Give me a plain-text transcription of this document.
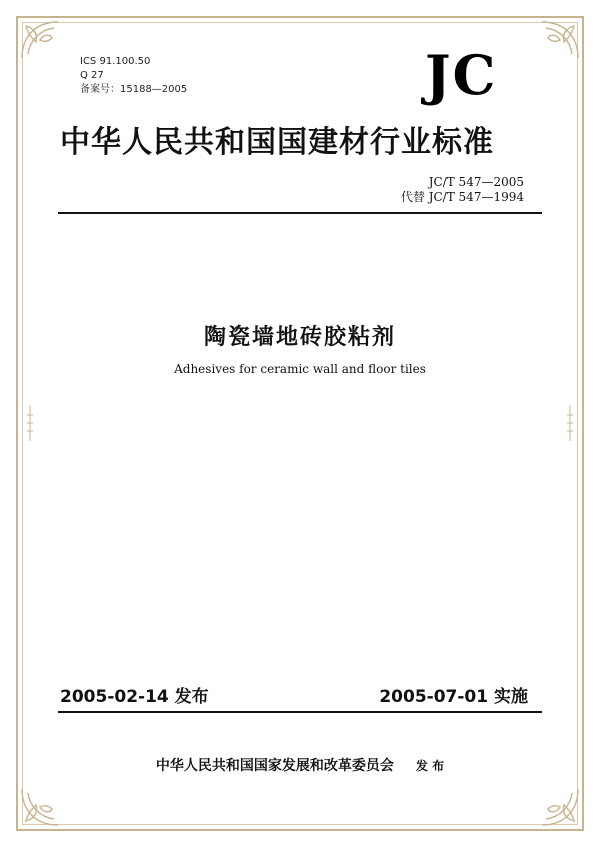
ICS 91.100.50
Q 27
备案号：15188—2005	JC
中华人民共和国国建材行业标准
JC/T 547—2005
代替 JC/T 547—1994
陶瓷墙地砖胶粘剂
Adhesives for ceramic wall and floor tiles
2005-02-14 发布	2005-07-01 实施
中华人民共和国国家发展和改革委员会 发 布
